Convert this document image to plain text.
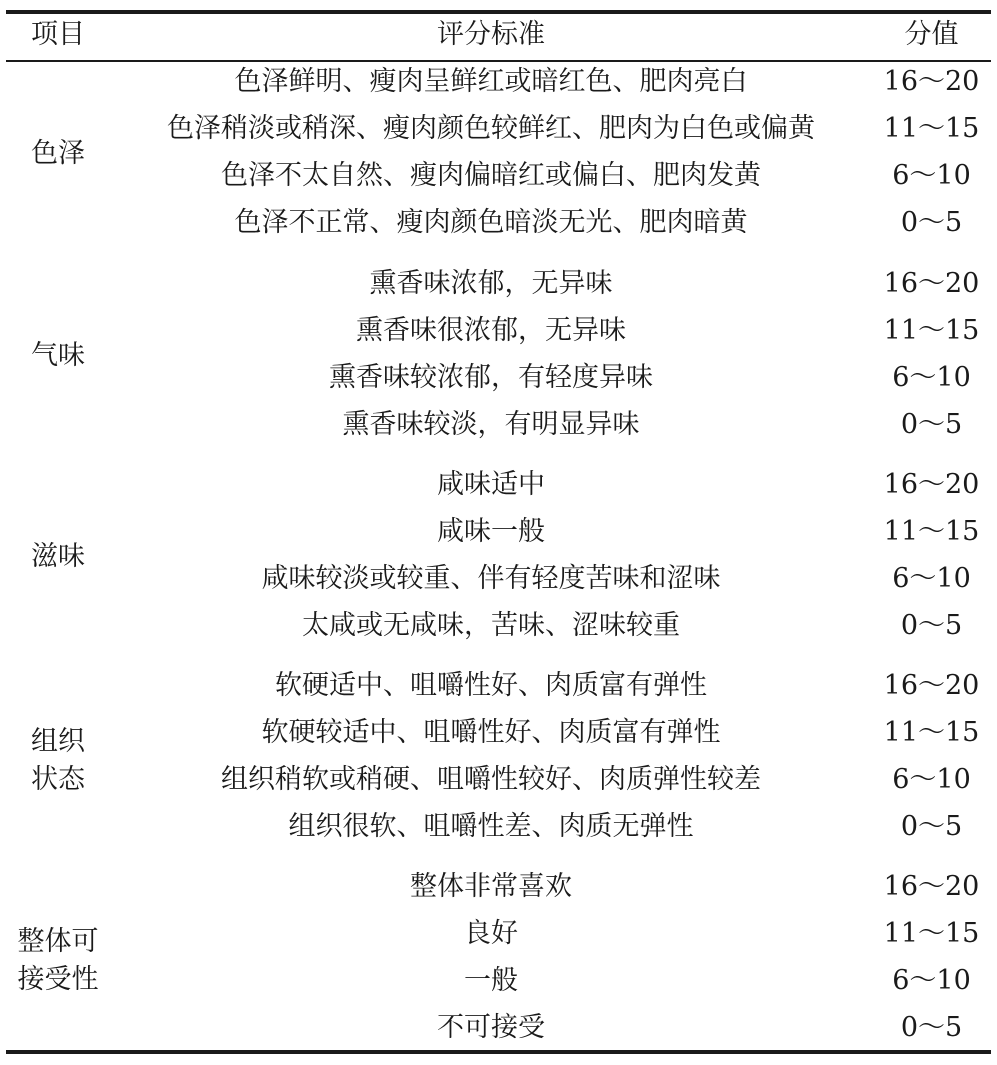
项目	评分标准	分值
色泽
色泽鲜明、瘦肉呈鲜红或暗红色、肥肉亮白	16～20
色泽稍淡或稍深、瘦肉颜色较鲜红、肥肉为白色或偏黄	11～15
色泽不太自然、瘦肉偏暗红或偏白、肥肉发黄	6～10
色泽不正常、瘦肉颜色暗淡无光、肥肉暗黄	0～5
气味
熏香味浓郁，无异味	16～20
熏香味很浓郁，无异味	11～15
熏香味较浓郁，有轻度异味	6～10
熏香味较淡，有明显异味	0～5
滋味
咸味适中	16～20
咸味一般	11～15
咸味较淡或较重、伴有轻度苦味和涩味	6～10
太咸或无咸味，苦味、涩味较重	0～5
组织
状态
软硬适中、咀嚼性好、肉质富有弹性	16～20
软硬较适中、咀嚼性好、肉质富有弹性	11～15
组织稍软或稍硬、咀嚼性较好、肉质弹性较差	6～10
组织很软、咀嚼性差、肉质无弹性	0～5
整体可
接受性
整体非常喜欢	16～20
良好	11～15
一般	6～10
不可接受	0～5
